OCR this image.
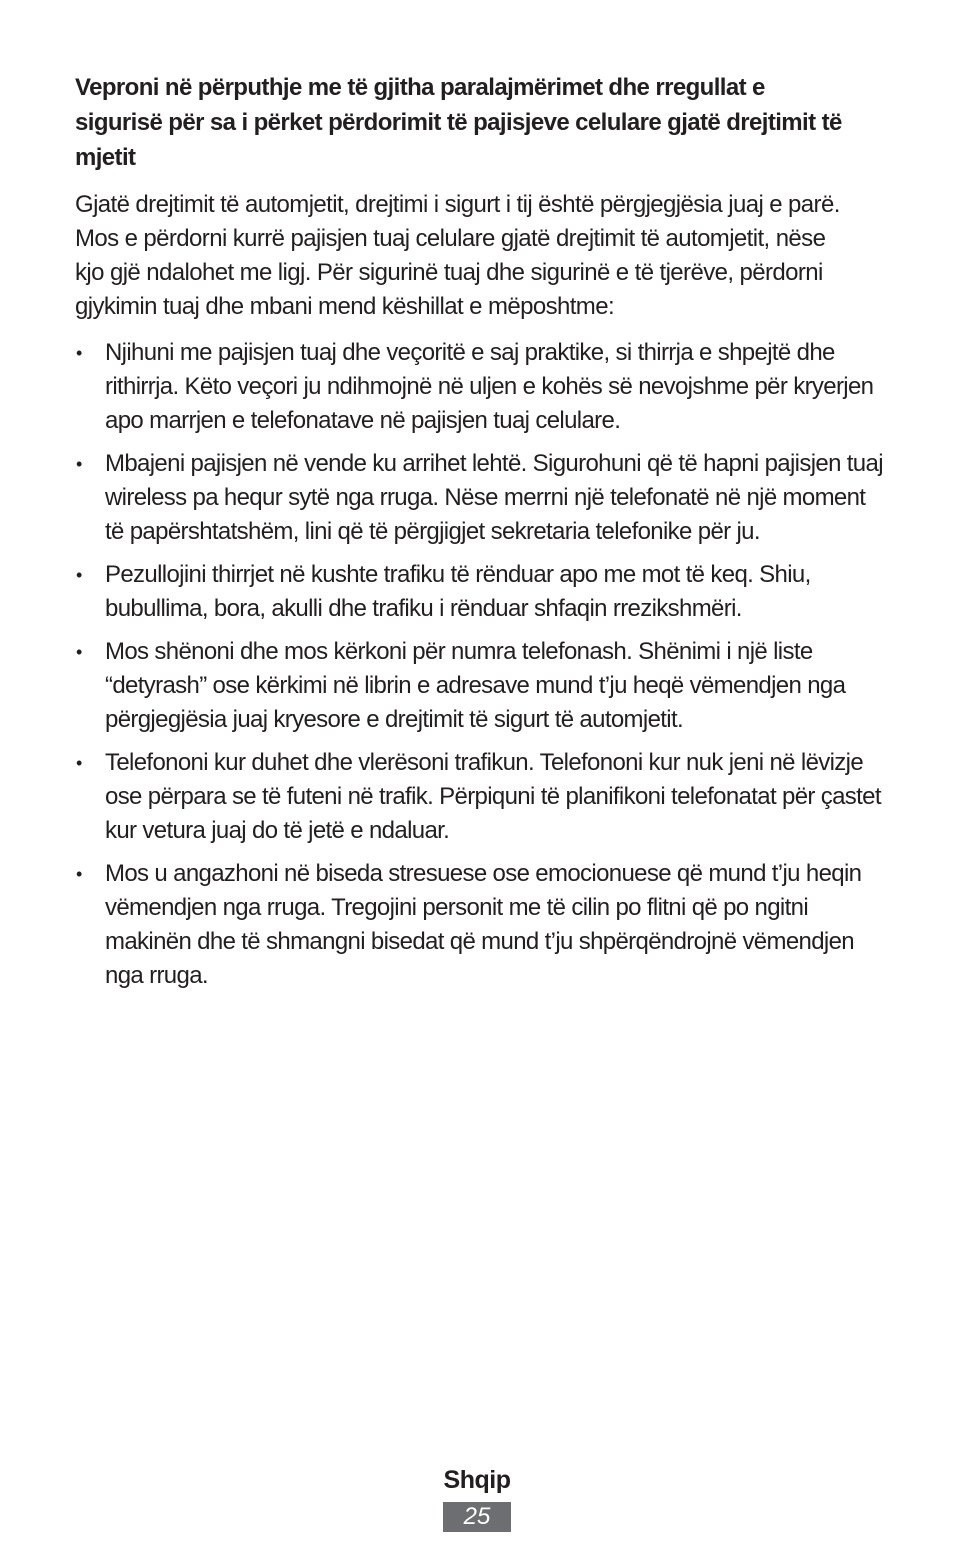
Veproni në përputhje me të gjitha paralajmërimet dhe rregullat e sigurisë për sa i përket përdorimit të pajisjeve celulare gjatë drejtimit të mjetit

Gjatë drejtimit të automjetit, drejtimi i sigurt i tij është përgjegjësia juaj e parë. Mos e përdorni kurrë pajisjen tuaj celulare gjatë drejtimit të automjetit, nëse kjo gjë ndalohet me ligj. Për sigurinë tuaj dhe sigurinë e të tjerëve, përdorni gjykimin tuaj dhe mbani mend këshillat e mëposhtme:

• Njihuni me pajisjen tuaj dhe veçoritë e saj praktike, si thirrja e shpejtë dhe rithirrja. Këto veçori ju ndihmojnë në uljen e kohës së nevojshme për kryerjen apo marrjen e telefonatave në pajisjen tuaj celulare.
• Mbajeni pajisjen në vende ku arrihet lehtë. Sigurohuni që të hapni pajisjen tuaj wireless pa hequr sytë nga rruga. Nëse merrni një telefonatë në një moment të papërshtatshëm, lini që të përgjigjet sekretaria telefonike për ju.
• Pezullojini thirrjet në kushte trafiku të rënduar apo me mot të keq. Shiu, bubullima, bora, akulli dhe trafiku i rënduar shfaqin rrezikshmëri.
• Mos shënoni dhe mos kërkoni për numra telefonash. Shënimi i një liste “detyrash” ose kërkimi në librin e adresave mund t’ju heqë vëmendjen nga përgjegjësia juaj kryesore e drejtimit të sigurt të automjetit.
• Telefononi kur duhet dhe vlerësoni trafikun. Telefononi kur nuk jeni në lëvizje ose përpara se të futeni në trafik. Përpiquni të planifikoni telefonatat për çastet kur vetura juaj do të jetë e ndaluar.
• Mos u angazhoni në biseda stresuese ose emocionuese që mund t’ju heqin vëmendjen nga rruga. Tregojini personit me të cilin po flitni që po ngitni makinën dhe të shmangni bisedat që mund t’ju shpërqëndrojnë vëmendjen nga rruga.
Shqip
25
